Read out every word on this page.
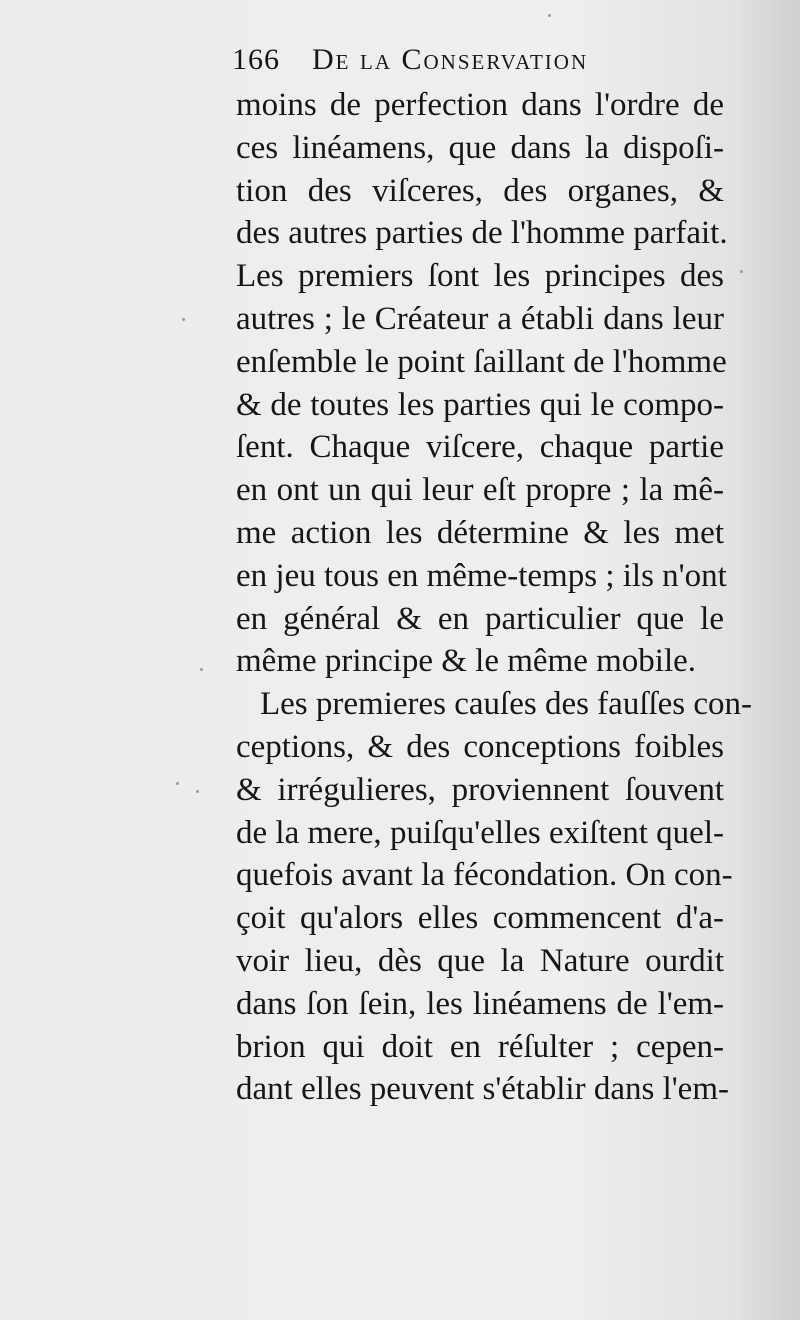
166 De la Conservation
moins de perfection dans l'ordre de
ces linéamens, que dans la dispoſi-
tion des viſceres, des organes, &
des autres parties de l'homme parfait.
Les premiers ſont les principes des
autres ; le Créateur a établi dans leur
enſemble le point ſaillant de l'homme
& de toutes les parties qui le compo-
ſent. Chaque viſcere, chaque partie
en ont un qui leur eſt propre ; la mê-
me action les détermine & les met
en jeu tous en même-temps ; ils n'ont
en général & en particulier que le
même principe & le même mobile.
Les premieres cauſes des fauſſes con-
ceptions, & des conceptions foibles
& irrégulieres, proviennent ſouvent
de la mere, puiſqu'elles exiſtent quel-
quefois avant la fécondation. On con-
çoit qu'alors elles commencent d'a-
voir lieu, dès que la Nature ourdit
dans ſon ſein, les linéamens de l'em-
brion qui doit en réſulter ; cepen-
dant elles peuvent s'établir dans l'em-
